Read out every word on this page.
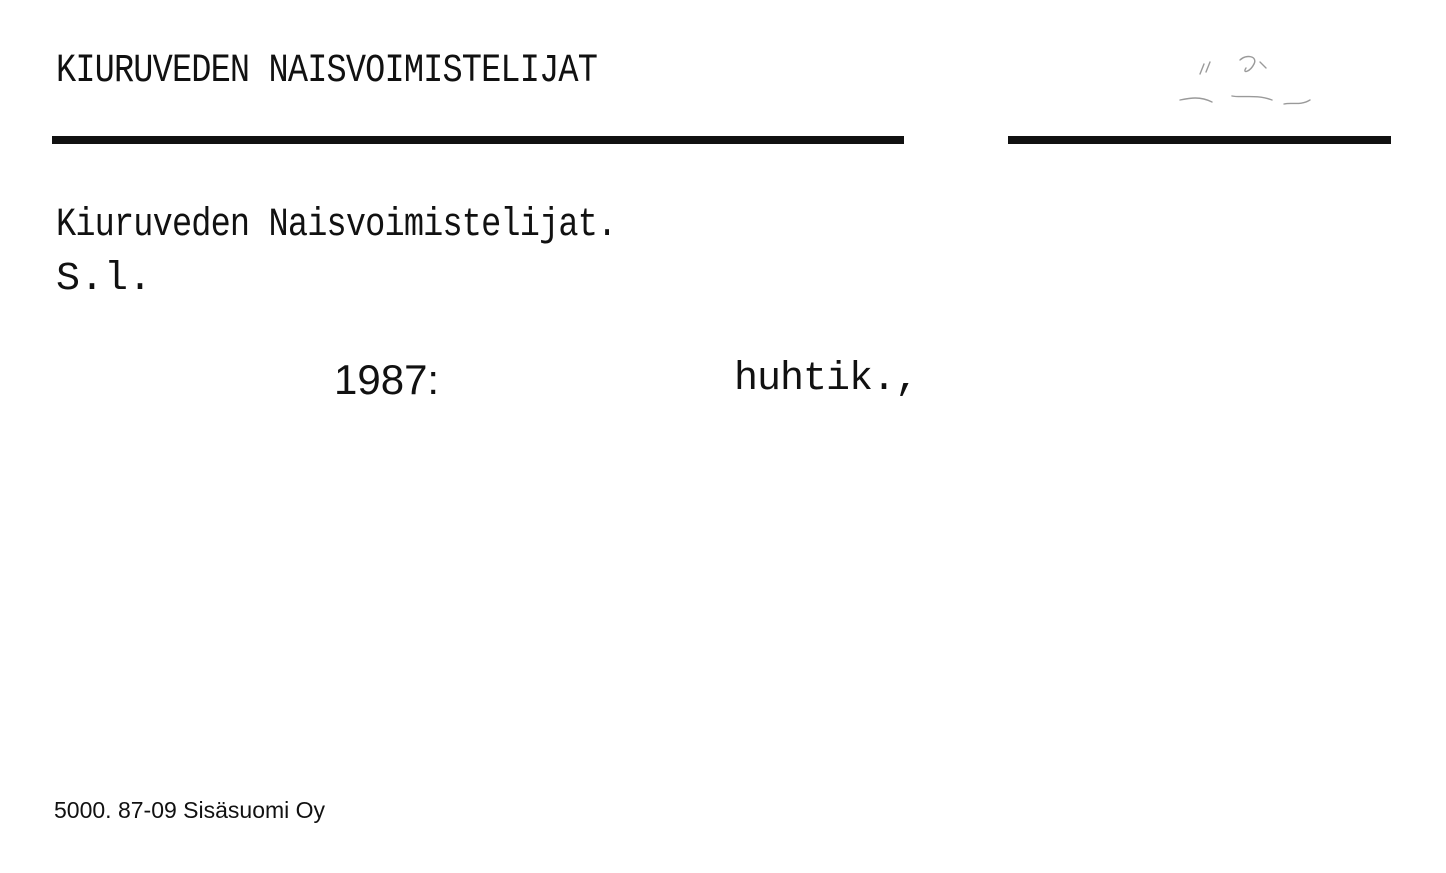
KIURUVEDEN NAISVOIMISTELIJAT
Kiuruveden Naisvoimistelijat.
S.l.
1987:	huhtik.,
5000. 87-09 Sisäsuomi Oy
